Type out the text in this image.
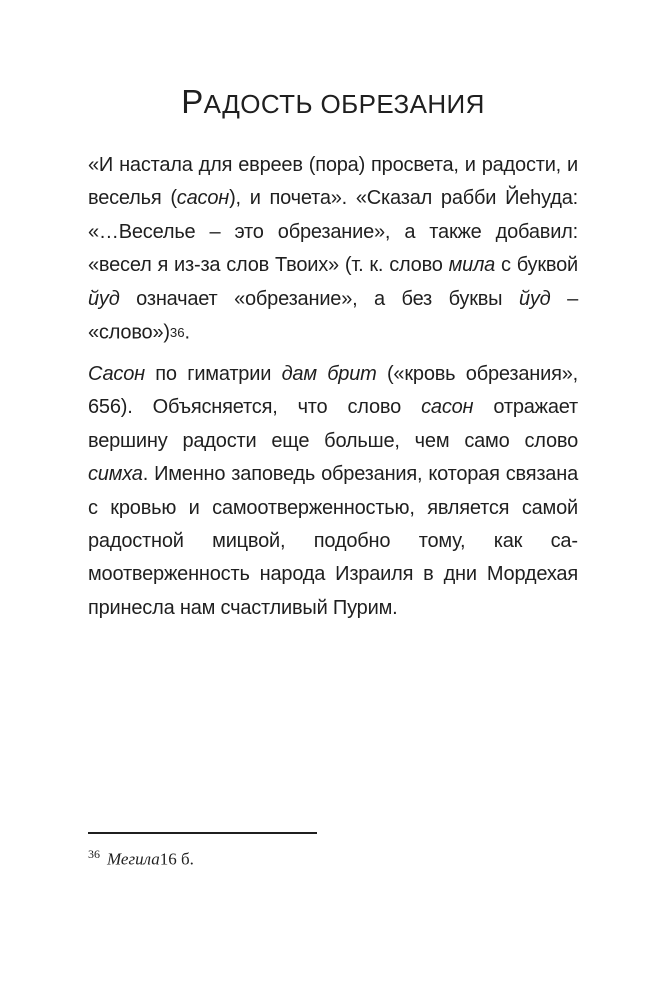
РАДОСТЬ ОБРЕЗАНИЯ

«И настала для евреев (пора) просвета, и радости, и веселья (сасон), и почета». «Сказал рабби Йеhуда: «…Веселье – это обрезание», а также добавил: «весел я из-за слов Твоих» (т. к. слово мила с буквой йуд означает «обрезание», а без буквы йуд – «слово»)$^{36}$.

Сасон по гиматрии дам брит («кровь обрезания», 656). Объясняется, что слово сасон отражает вершину радости еще больше, чем само слово симха. Именно заповедь обрезания, которая связана с кровью и самоотверженностью, является самой радостной мицвой, подобно тому, как самоотверженность народа Израиля в дни Мордехая принесла нам счастливый Пурим.

$^{36}$ Мегила16 б.
